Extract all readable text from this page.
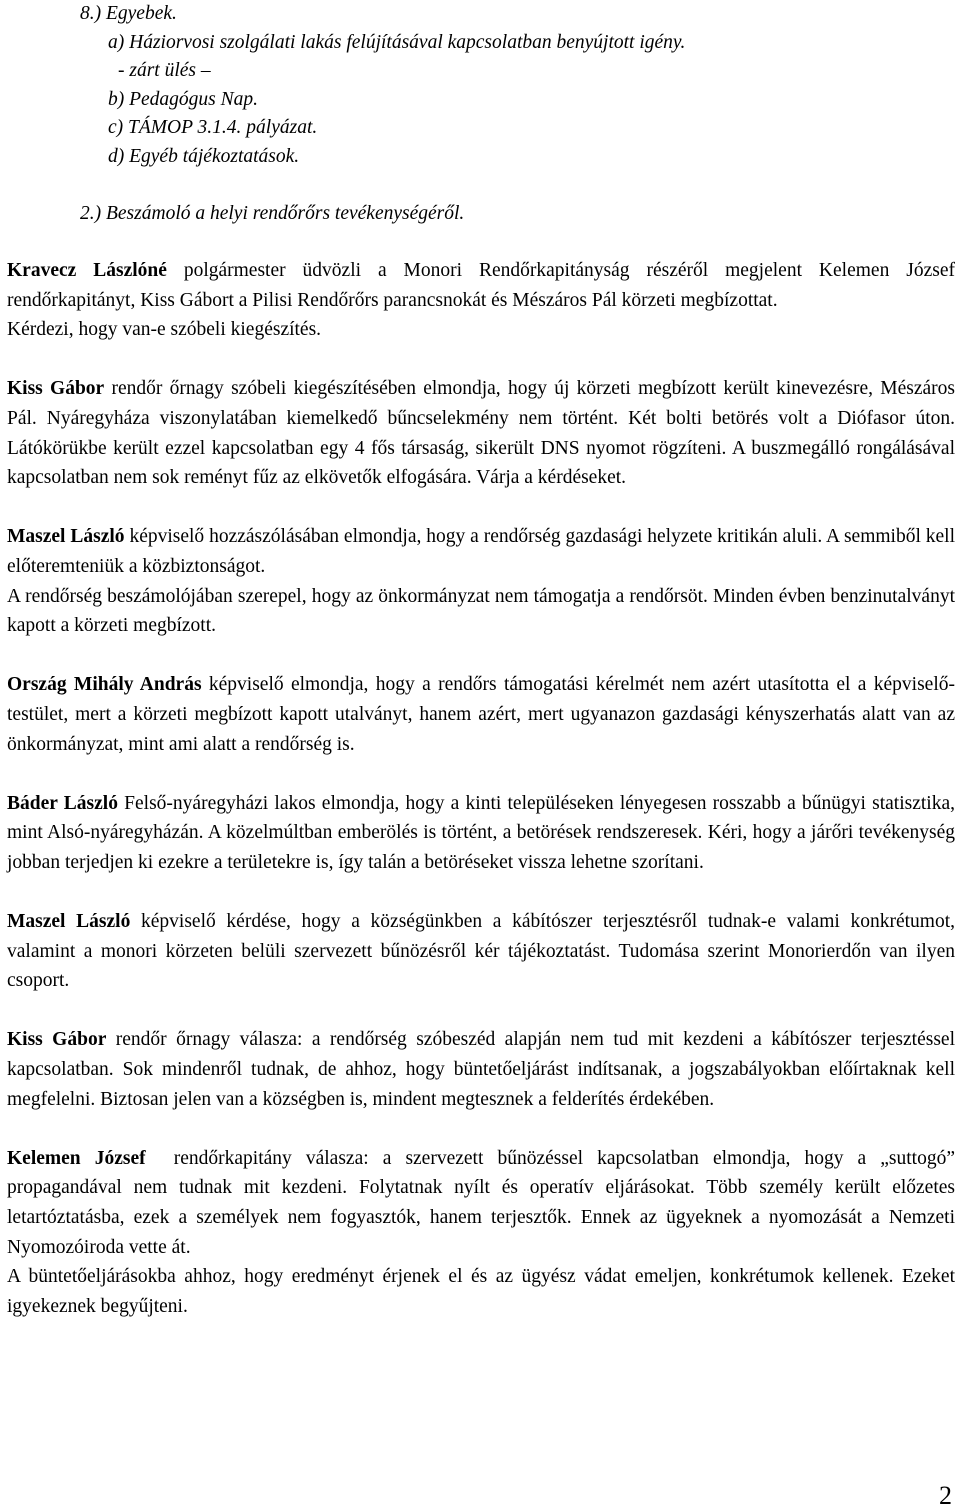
8.) Egyebek.
a) Háziorvosi szolgálati lakás felújításával kapcsolatban benyújtott igény.
- zárt ülés –
b) Pedagógus Nap.
c) TÁMOP 3.1.4. pályázat.
d) Egyéb tájékoztatások.
2.) Beszámoló a helyi rendőrőrs tevékenységéről.

Kravecz Lászlóné polgármester üdvözli a Monori Rendőrkapitányság részéről megjelent Kelemen József rendőrkapitányt, Kiss Gábort a Pilisi Rendőrőrs parancsnokát és Mészáros Pál körzeti megbízottat.

Kérdezi, hogy van-e szóbeli kiegészítés.

Kiss Gábor rendőr őrnagy szóbeli kiegészítésében elmondja, hogy új körzeti megbízott került kinevezésre, Mészáros Pál. Nyáregyháza viszonylatában kiemelkedő bűncselekmény nem történt. Két bolti betörés volt a Diófasor úton. Látókörükbe került ezzel kapcsolatban egy 4 fős társaság, sikerült DNS nyomot rögzíteni. A buszmegálló rongálásával kapcsolatban nem sok reményt fűz az elkövetők elfogására. Várja a kérdéseket.

Maszel László képviselő hozzászólásában elmondja, hogy a rendőrség gazdasági helyzete kritikán aluli. A semmiből kell előteremteniük a közbiztonságot.

A rendőrség beszámolójában szerepel, hogy az önkormányzat nem támogatja a rendőrsöt. Minden évben benzinutalványt kapott a körzeti megbízott.

Ország Mihály András képviselő elmondja, hogy a rendőrs támogatási kérelmét nem azért utasította el a képviselő-testület, mert a körzeti megbízott kapott utalványt, hanem azért, mert ugyanazon gazdasági kényszerhatás alatt van az önkormányzat, mint ami alatt a rendőrség is.

Báder László Felső-nyáregyházi lakos elmondja, hogy a kinti településeken lényegesen rosszabb a bűnügyi statisztika, mint Alsó-nyáregyházán. A közelmúltban emberölés is történt, a betörések rendszeresek. Kéri, hogy a járőri tevékenység jobban terjedjen ki ezekre a területekre is, így talán a betöréseket vissza lehetne szorítani.

Maszel László képviselő kérdése, hogy a községünkben a kábítószer terjesztésről tudnak-e valami konkrétumot, valamint a monori körzeten belüli szervezett bűnözésről kér tájékoztatást. Tudomása szerint Monorierdőn van ilyen csoport.

Kiss Gábor rendőr őrnagy válasza: a rendőrség szóbeszéd alapján nem tud mit kezdeni a kábítószer terjesztéssel kapcsolatban. Sok mindenről tudnak, de ahhoz, hogy büntetőeljárást indítsanak, a jogszabályokban előírtaknak kell megfelelni. Biztosan jelen van a községben is, mindent megtesznek a felderítés érdekében.

Kelemen József  rendőrkapitány válasza: a szervezett bűnözéssel kapcsolatban elmondja, hogy a „suttogó” propagandával nem tudnak mit kezdeni. Folytatnak nyílt és operatív eljárásokat. Több személy került előzetes letartóztatásba, ezek a személyek nem fogyasztók, hanem terjesztők. Ennek az ügyeknek a nyomozását a Nemzeti Nyomozóiroda vette át.

A büntetőeljárásokba ahhoz, hogy eredményt érjenek el és az ügyész vádat emeljen, konkrétumok kellenek. Ezeket igyekeznek begyűjteni.

2
